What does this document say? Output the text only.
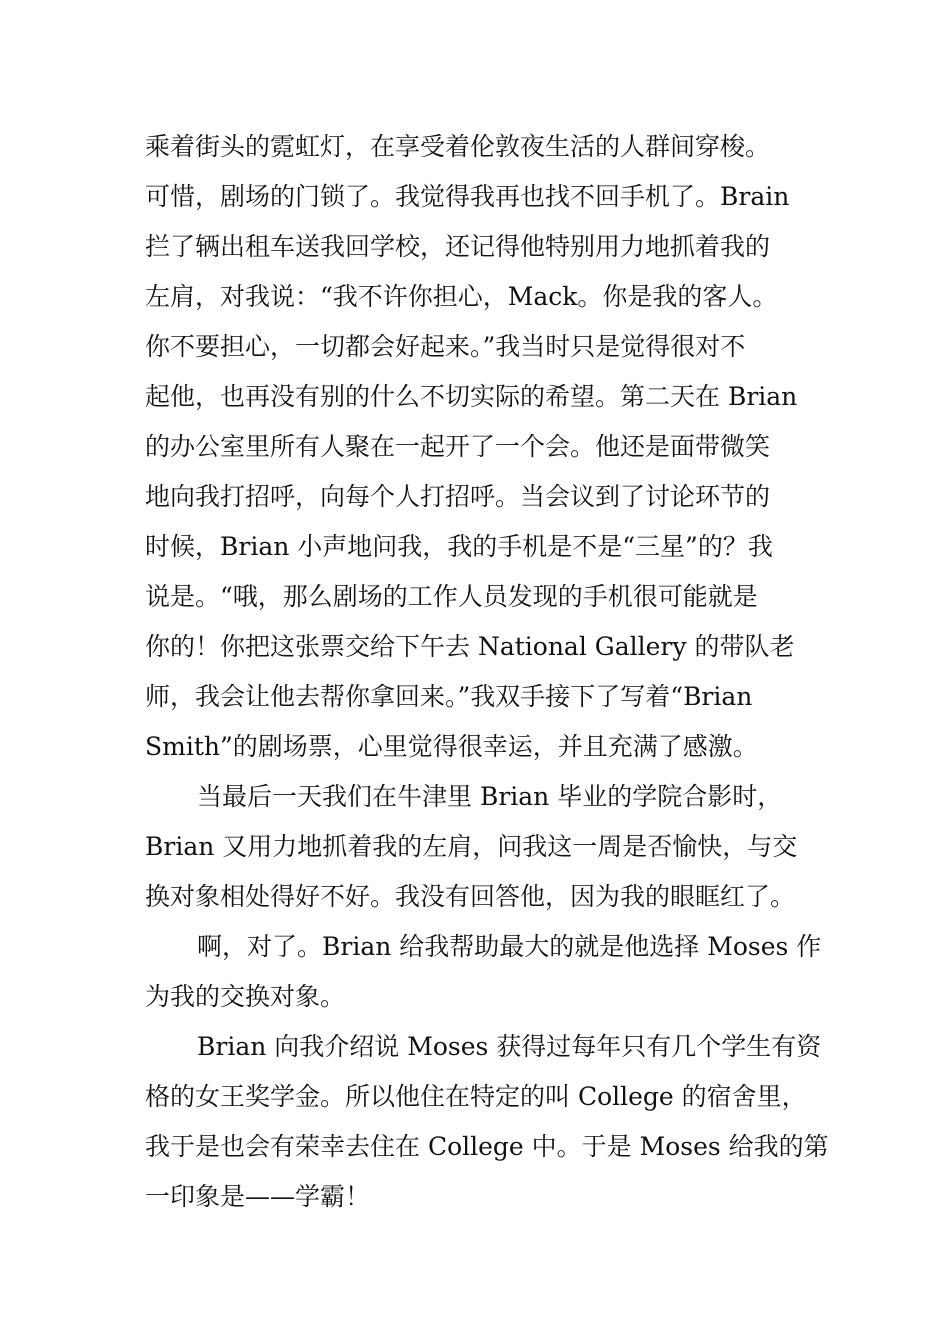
乘着街头的霓虹灯，在享受着伦敦夜生活的人群间穿梭。
可惜，剧场的门锁了。我觉得我再也找不回手机了。Brain
拦了辆出租车送我回学校，还记得他特别用力地抓着我的
左肩，对我说：“我不许你担心，Mack。你是我的客人。
你不要担心，一切都会好起来。”我当时只是觉得很对不
起他，也再没有别的什么不切实际的希望。第二天在 Brian
的办公室里所有人聚在一起开了一个会。他还是面带微笑
地向我打招呼，向每个人打招呼。当会议到了讨论环节的
时候，Brian 小声地问我，我的手机是不是“三星”的？我
说是。“哦，那么剧场的工作人员发现的手机很可能就是
你的！你把这张票交给下午去 National Gallery 的带队老
师，我会让他去帮你拿回来。”我双手接下了写着“Brian
Smith”的剧场票，心里觉得很幸运，并且充满了感激。
当最后一天我们在牛津里 Brian 毕业的学院合影时，
Brian 又用力地抓着我的左肩，问我这一周是否愉快，与交
换对象相处得好不好。我没有回答他，因为我的眼眶红了。
啊，对了。Brian 给我帮助最大的就是他选择 Moses 作
为我的交换对象。
Brian 向我介绍说 Moses 获得过每年只有几个学生有资
格的女王奖学金。所以他住在特定的叫 College 的宿舍里，
我于是也会有荣幸去住在 College 中。于是 Moses 给我的第
一印象是——学霸！
